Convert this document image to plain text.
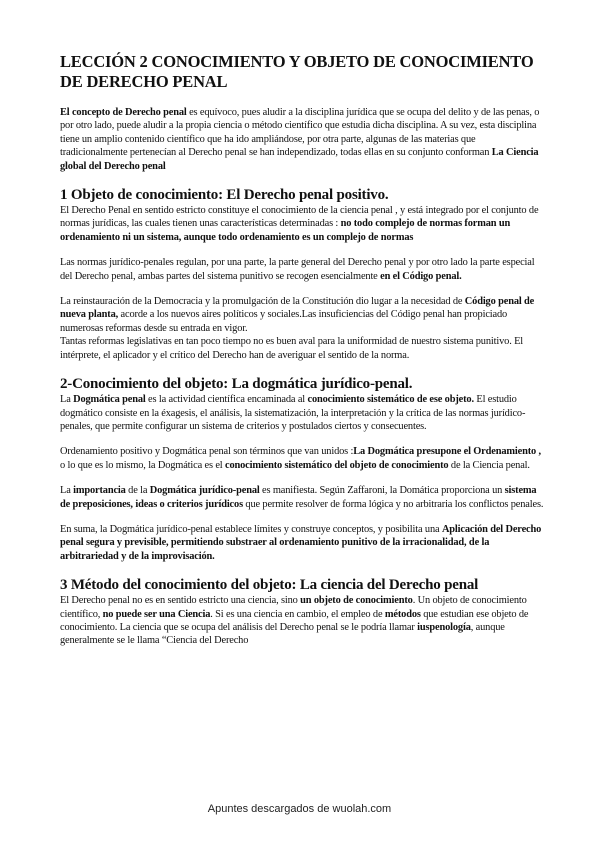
LECCIÓN 2 CONOCIMIENTO Y OBJETO DE CONOCIMIENTO DE DERECHO PENAL

El concepto de Derecho penal es equívoco, pues aludir a la disciplina jurídica que se ocupa del delito y de las penas, o por otro lado, puede aludir a la propia ciencia o método científico que estudia dicha disciplina. A su vez, esta disciplina tiene un amplio contenido científico que ha ido ampliándose, por otra parte, algunas de las materias que tradicionalmente pertenecían al Derecho penal se han independizado, todas ellas en su conjunto conforman La Ciencia global del Derecho penal

1 Objeto de conocimiento: El Derecho penal positivo.

El Derecho Penal en sentido estricto constituye el conocimiento de la ciencia penal , y está integrado por el conjunto de normas jurídicas, las cuales tienen unas características determinadas : no todo complejo de normas forman un ordenamiento ni un sistema, aunque todo ordenamiento es un complejo de normas

Las normas jurídico-penales regulan, por una parte, la parte general del Derecho penal y por otro lado la parte especial del Derecho penal, ambas partes del sistema punitivo se recogen esencialmente en el Código penal.

La reinstauración de la Democracia y la promulgación de la Constitución dio lugar a la necesidad de Código penal de nueva planta, acorde a los nuevos aires políticos y sociales.Las insuficiencias del Código penal han propiciado numerosas reformas desde su entrada en vigor.

Tantas reformas legislativas en tan poco tiempo no es buen aval para la uniformidad de nuestro sistema punitivo. El intérprete, el aplicador y el crítico del Derecho han de averiguar el sentido de la norma.

2-Conocimiento del objeto: La dogmática jurídico-penal.

La Dogmática penal es la actividad científica encaminada al conocimiento sistemático de ese objeto. El estudio dogmático consiste en la éxagesis, el análisis, la sistematización, la interpretación y la crítica de las normas jurídico-penales, que permite configurar un sistema de criterios y postulados ciertos y consecuentes.

Ordenamiento positivo y Dogmática penal son términos que van unidos :La Dogmática presupone el Ordenamiento , o lo que es lo mismo, la Dogmática es el conocimiento sistemático del objeto de conocimiento de la Ciencia penal.

La importancia de la Dogmática jurídico-penal es manifiesta. Según Zaffaroni, la Domática proporciona un sistema de preposiciones, ideas o criterios jurídicos que permite resolver de forma lógica y no arbitraria los conflictos penales.

En suma, la Dogmática jurídico-penal establece límites y construye conceptos, y posibilita una Aplicación del Derecho penal segura y previsible, permitiendo substraer al ordenamiento punitivo de la irracionalidad, de la arbitrariedad y de la improvisación.

3 Método del conocimiento del objeto: La ciencia del Derecho penal

El Derecho penal no es en sentido estricto una ciencia, sino un objeto de conocimiento. Un objeto de conocimiento científico, no puede ser una Ciencia. Si es una ciencia en cambio, el empleo de métodos que estudian ese objeto de conocimiento. La ciencia que se ocupa del análisis del Derecho penal se le podría llamar iuspenología, aunque generalmente se le llama “Ciencia del Derecho

Apuntes descargados de wuolah.com
